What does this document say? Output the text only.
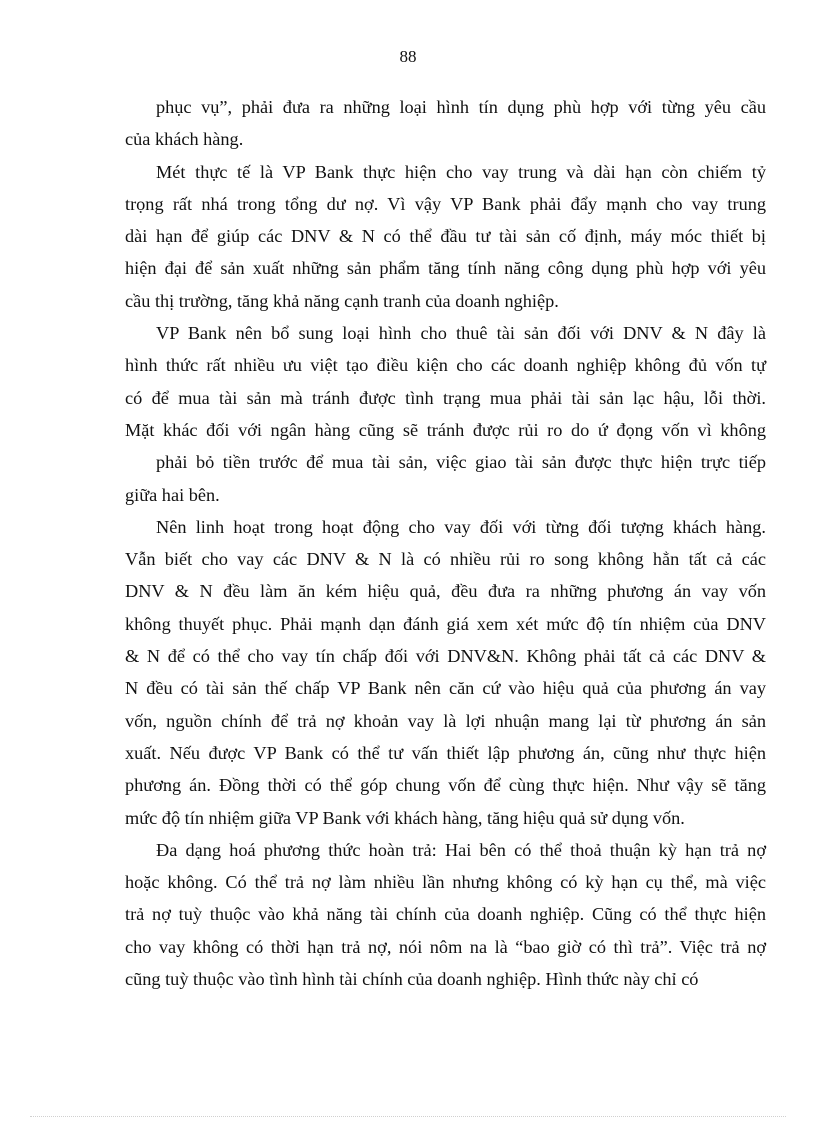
88
phục vụ”, phải đưa ra những loại hình tín dụng phù hợp với từng yêu cầu
của khách hàng.
Mét thực tế là VP Bank thực hiện cho vay trung và dài hạn còn chiếm tỷ
trọng rất nhá trong tổng dư nợ. Vì vậy VP Bank phải đẩy mạnh cho vay trung
dài hạn để giúp các DNV & N có thể đầu tư tài sản cố định, máy móc thiết bị
hiện đại để sản xuất những sản phẩm tăng tính năng công dụng phù hợp với yêu
cầu thị trường, tăng khả năng cạnh tranh của doanh nghiệp.
VP Bank nên bổ sung loại hình cho thuê tài sản đối với DNV & N đây là
hình thức rất nhiều ưu việt tạo điều kiện cho các doanh nghiệp không đủ vốn tự
có để mua tài sản mà tránh được tình trạng mua phải tài sản lạc hậu, lỗi thời.
Mặt khác đối với ngân hàng cũng sẽ tránh được rủi ro do ứ đọng vốn vì không
phải bỏ tiền trước để mua tài sản, việc giao tài sản được thực hiện trực tiếp
giữa hai bên.
Nên linh hoạt trong hoạt động cho vay đối với từng đối tượng khách hàng.
Vẫn biết cho vay các DNV & N là có nhiều rủi ro song không hẳn tất cả các
DNV & N đều làm ăn kém hiệu quả, đều đưa ra những phương án vay vốn
không thuyết phục. Phải mạnh dạn đánh giá xem xét mức độ tín nhiệm của DNV
& N để có thể cho vay tín chấp đối với DNV&N. Không phải tất cả các DNV &
N đều có tài sản thế chấp VP Bank nên căn cứ vào hiệu quả của phương án vay
vốn, nguồn chính để trả nợ khoản vay là lợi nhuận mang lại từ phương án sản
xuất. Nếu được VP Bank có thể tư vấn thiết lập phương án, cũng như thực hiện
phương án. Đồng thời có thể góp chung vốn để cùng thực hiện. Như vậy sẽ tăng
mức độ tín nhiệm giữa VP Bank với khách hàng, tăng hiệu quả sử dụng vốn.
Đa dạng hoá phương thức hoàn trả: Hai bên có thể thoả thuận kỳ hạn trả nợ
hoặc không. Có thể trả nợ làm nhiều lần nhưng không có kỳ hạn cụ thể, mà việc
trả nợ tuỳ thuộc vào khả năng tài chính của doanh nghiệp. Cũng có thể thực hiện
cho vay không có thời hạn trả nợ, nói nôm na là “bao giờ có thì trả”. Việc trả nợ
cũng tuỳ thuộc vào tình hình tài chính của doanh nghiệp. Hình thức này chỉ có
